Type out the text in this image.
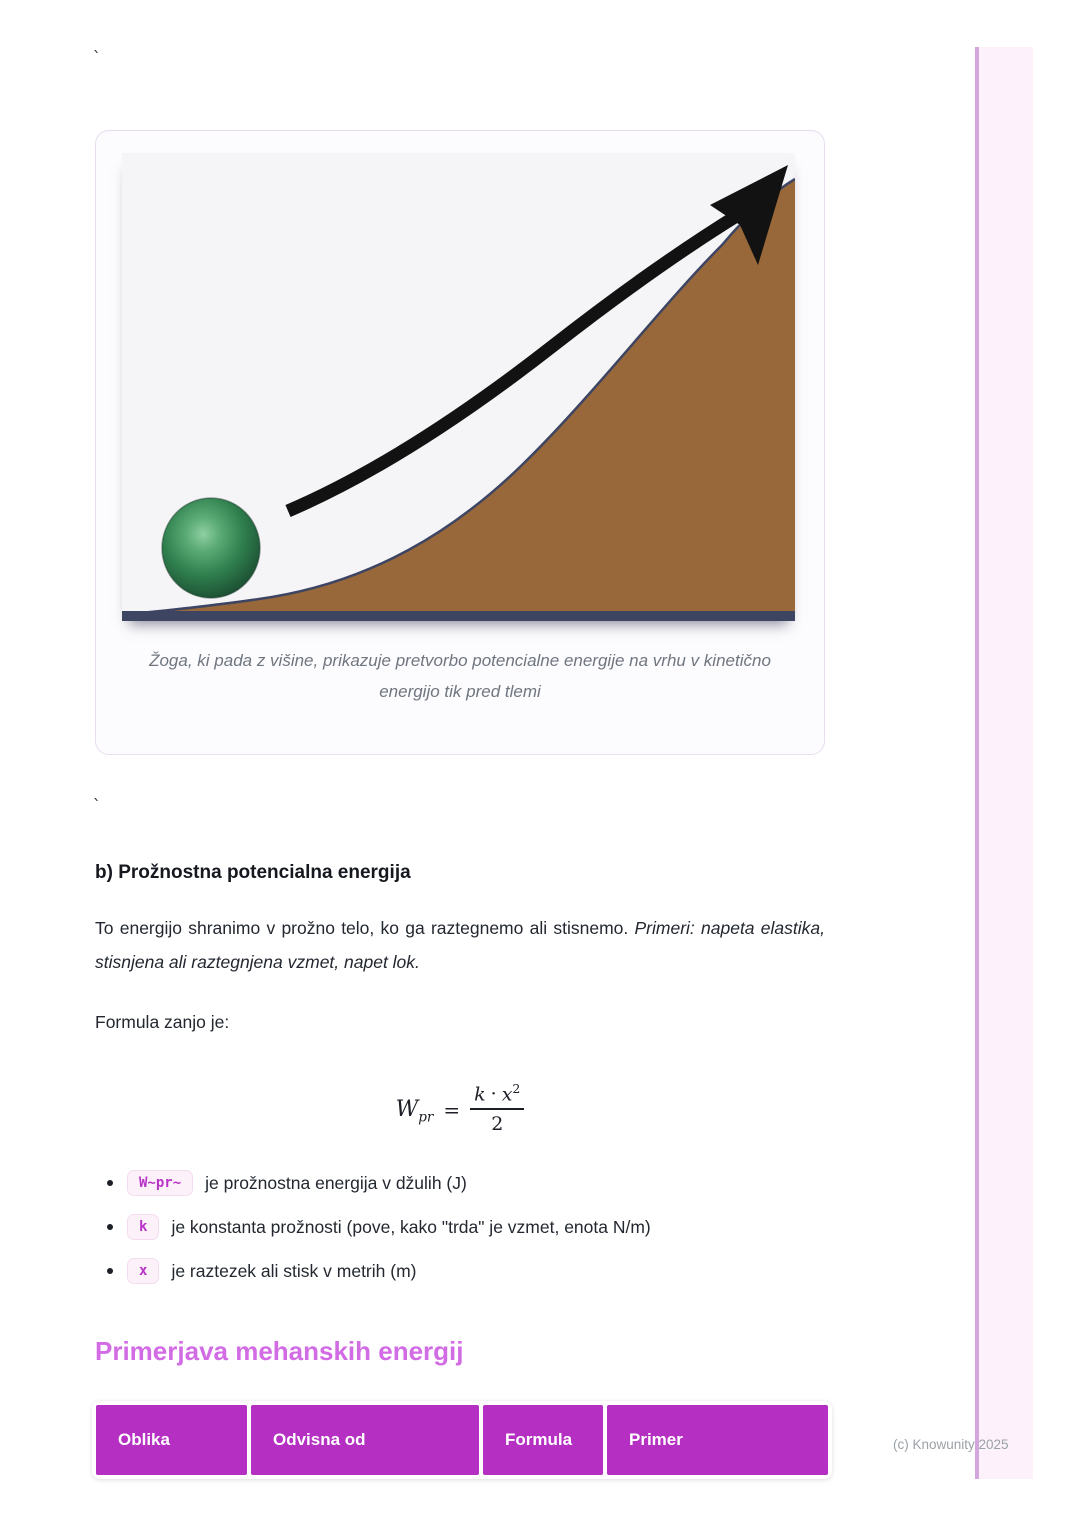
`
Žoga, ki pada z višine, prikazuje pretvorbo potencialne energije na vrhu v kinetično energijo tik pred tlemi
`
b) Prožnostna potencialna energija

To energijo shranimo v prožno telo, ko ga raztegnemo ali stisnemo. Primeri: napeta elastika, stisnjena ali raztegnjena vzmet, napet lok.

Formula zanjo je:

$W_{pr} = \frac{k \cdot x^2}{2}$
W~pr~	je prožnostna energija v džulih (J)
k	je konstanta prožnosti (pove, kako "trda" je vzmet, enota N/m)
x	je raztezek ali stisk v metrih (m)
Primerjava mehanskih energij
Oblika	Odvisna od	Formula	Primer	(c) Knowunity 2025
